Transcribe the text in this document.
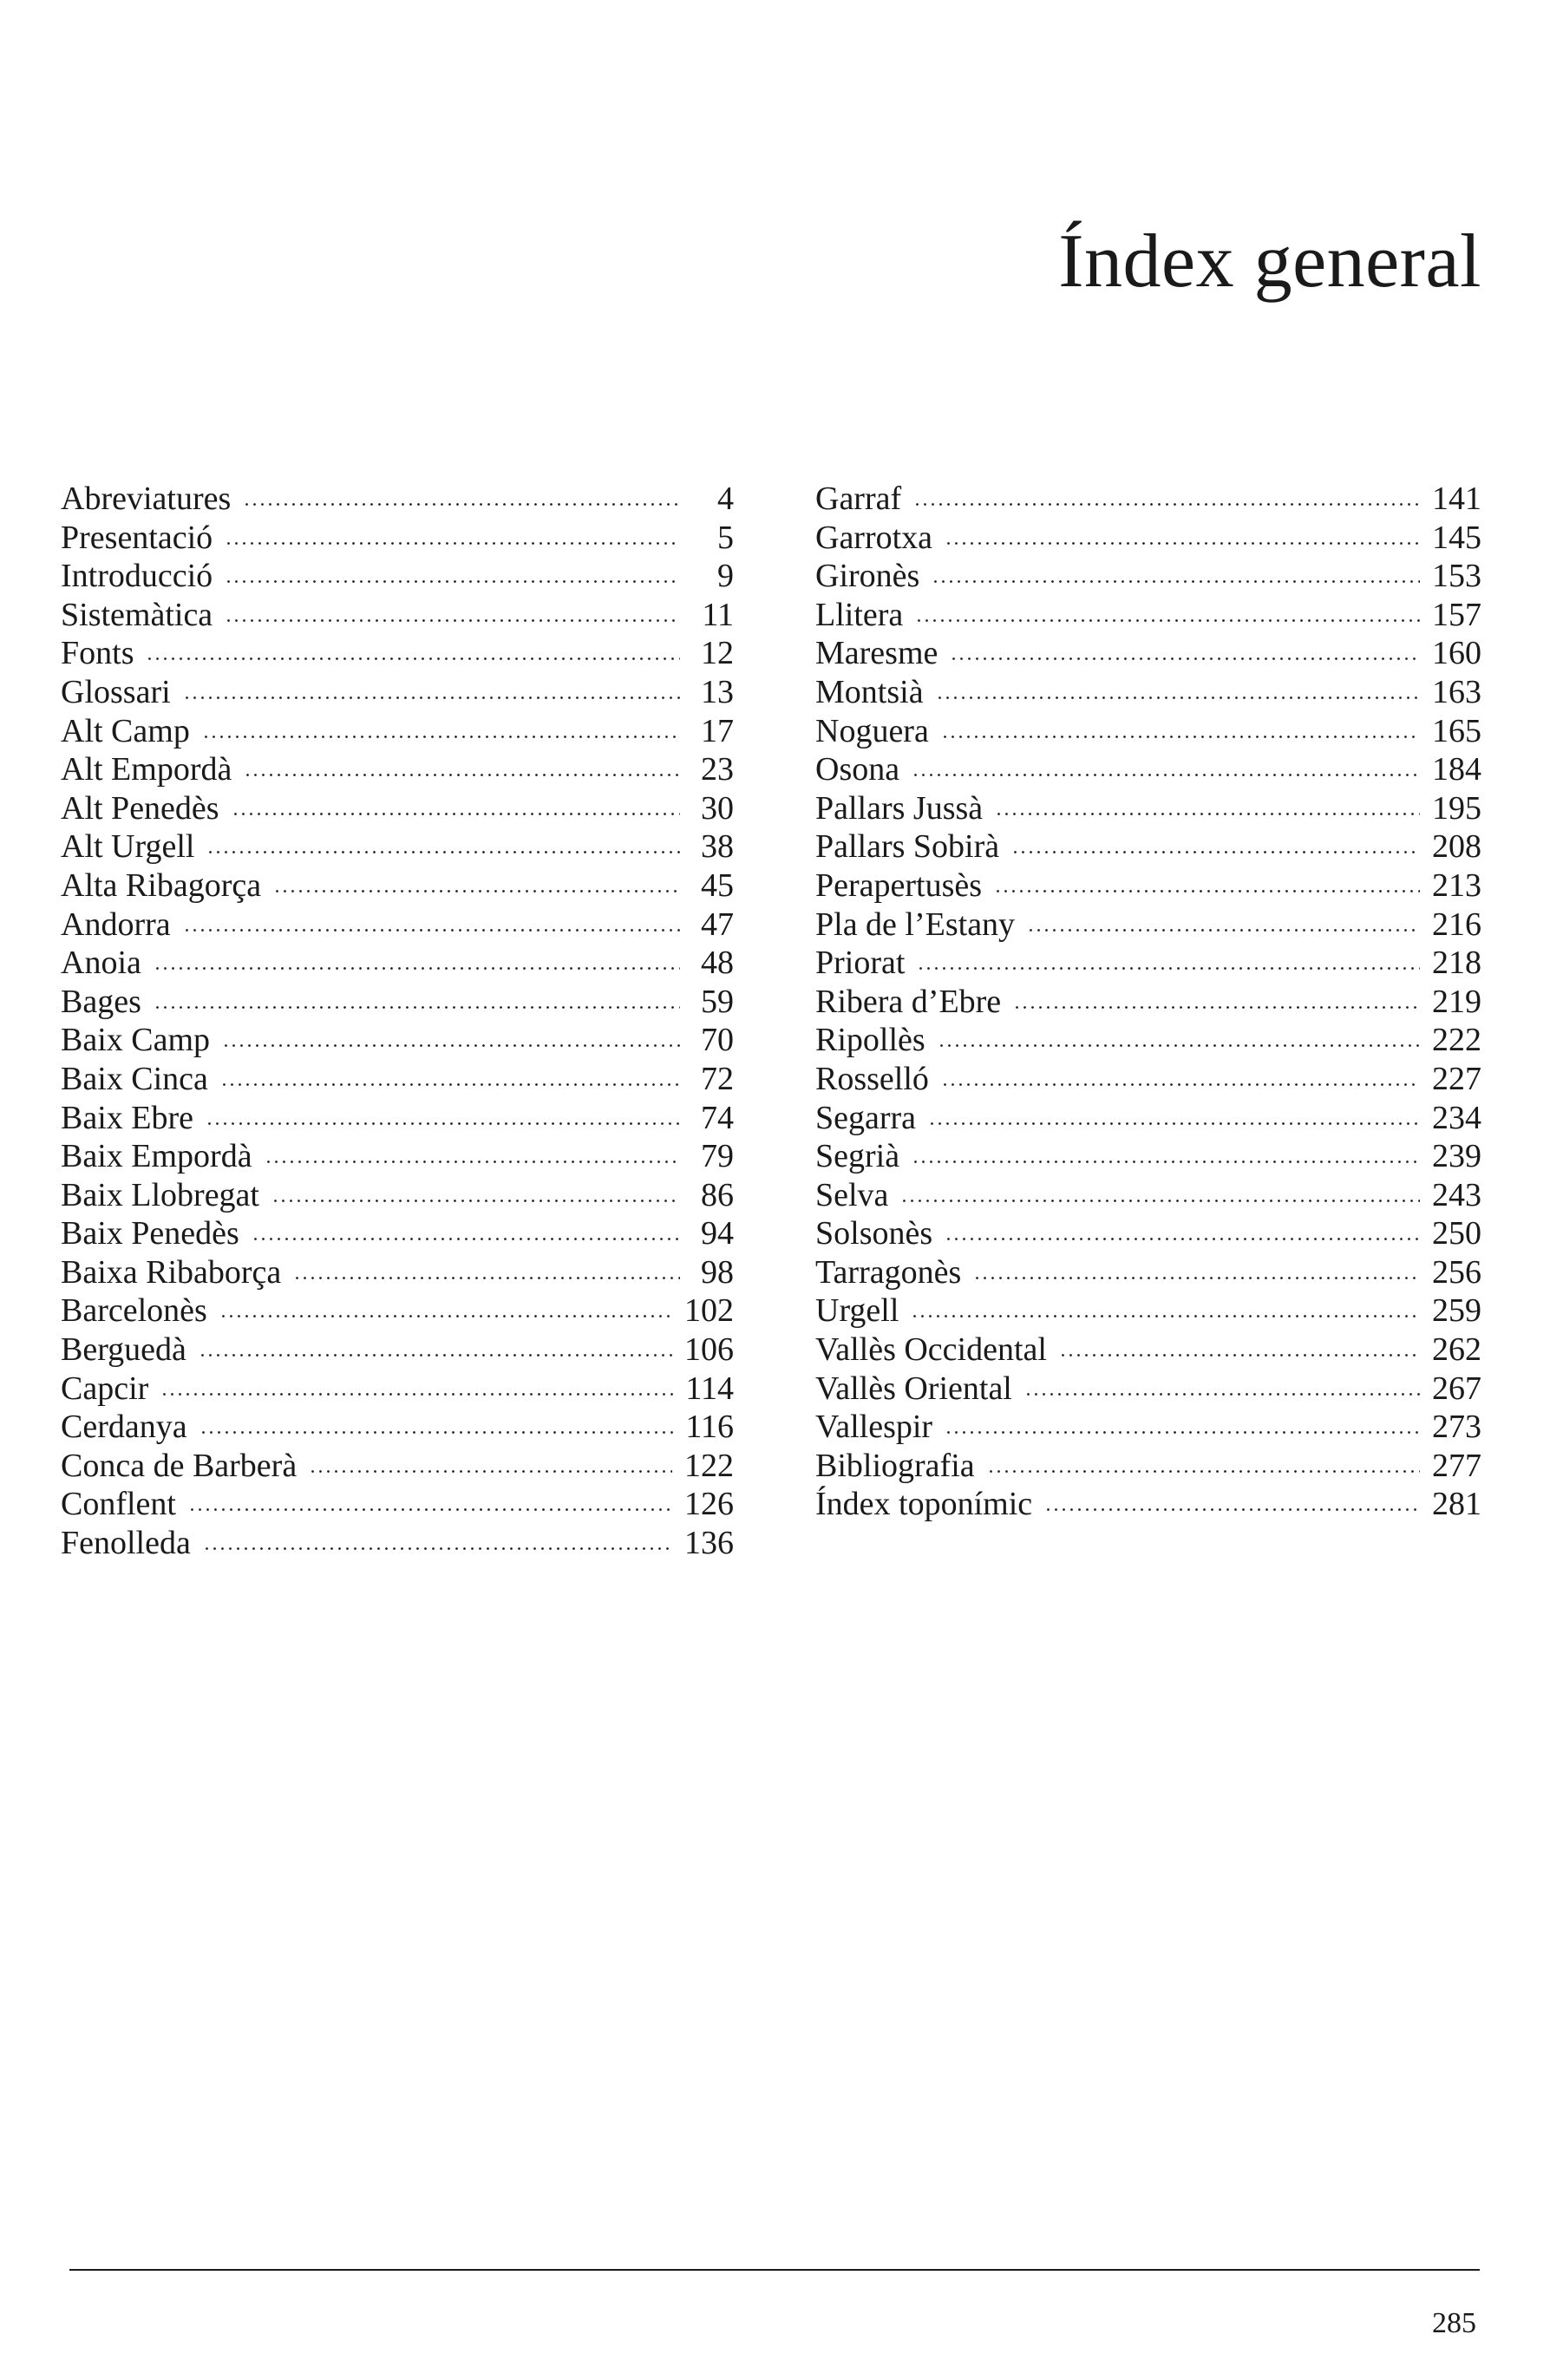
Índex general
Abreviatures	4
Presentació	5
Introducció	9
Sistemàtica	11
Fonts	12
Glossari	13
Alt Camp	17
Alt Empordà	23
Alt Penedès	30
Alt Urgell	38
Alta Ribagorça	45
Andorra	47
Anoia	48
Bages	59
Baix Camp	70
Baix Cinca	72
Baix Ebre	74
Baix Empordà	79
Baix Llobregat	86
Baix Penedès	94
Baixa Ribaborça	98
Barcelonès	102
Berguedà	106
Capcir	114
Cerdanya	116
Conca de Barberà	122
Conflent	126
Fenolleda	136
Garraf	141
Garrotxa	145
Gironès	153
Llitera	157
Maresme	160
Montsià	163
Noguera	165
Osona	184
Pallars Jussà	195
Pallars Sobirà	208
Perapertusès	213
Pla de l’Estany	216
Priorat	218
Ribera d’Ebre	219
Ripollès	222
Rosselló	227
Segarra	234
Segrià	239
Selva	243
Solsonès	250
Tarragonès	256
Urgell	259
Vallès Occidental	262
Vallès Oriental	267
Vallespir	273
Bibliografia	277
Índex toponímic	281
285
